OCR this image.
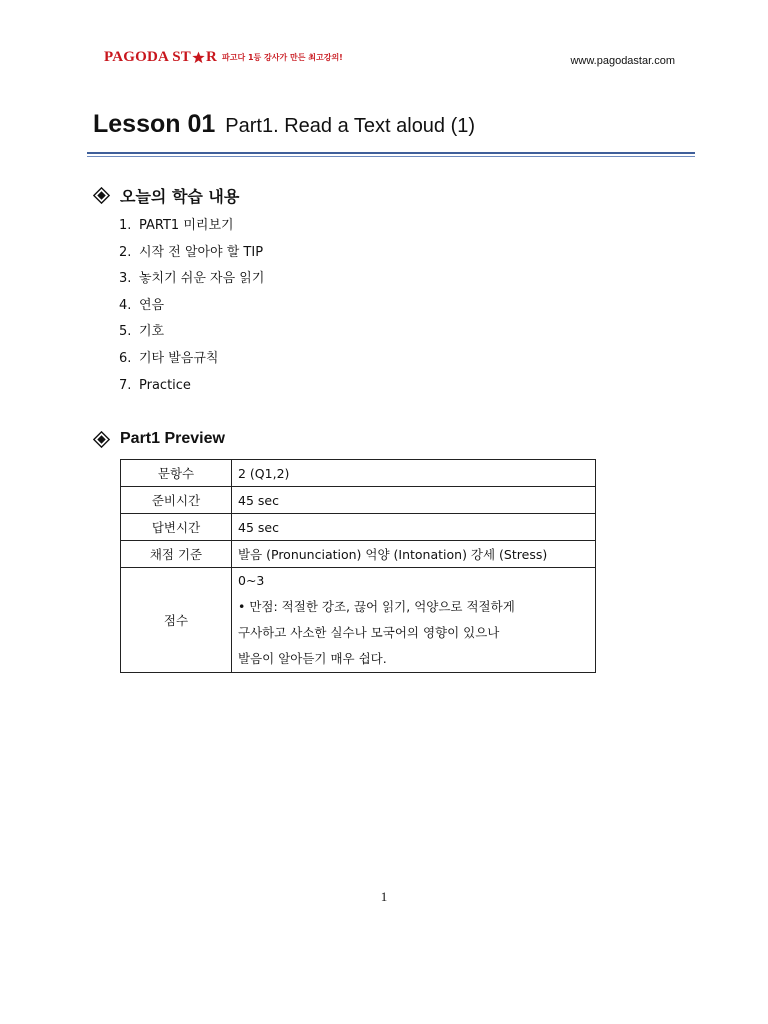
PAGODA ST R 파고다 1등 강사가 만든 최고강의!	www.pagodastar.com
Lesson 01 Part1. Read a Text aloud (1)
오늘의 학습 내용
1. PART1 미리보기
2. 시작 전 알아야 할 TIP
3. 놓치기 쉬운 자음 읽기
4. 연음
5. 기호
6. 기타 발음규칙
7. Practice
Part1 Preview
문항수	2 (Q1,2)
준비시간	45 sec
답변시간	45 sec
채점 기준	발음 (Pronunciation) 억양 (Intonation) 강세 (Stress)
점수	0~3
• 만점: 적절한 강조, 끊어 읽기, 억양으로 적절하게
구사하고 사소한 실수나 모국어의 영향이 있으나
발음이 알아듣기 매우 쉽다.
1
